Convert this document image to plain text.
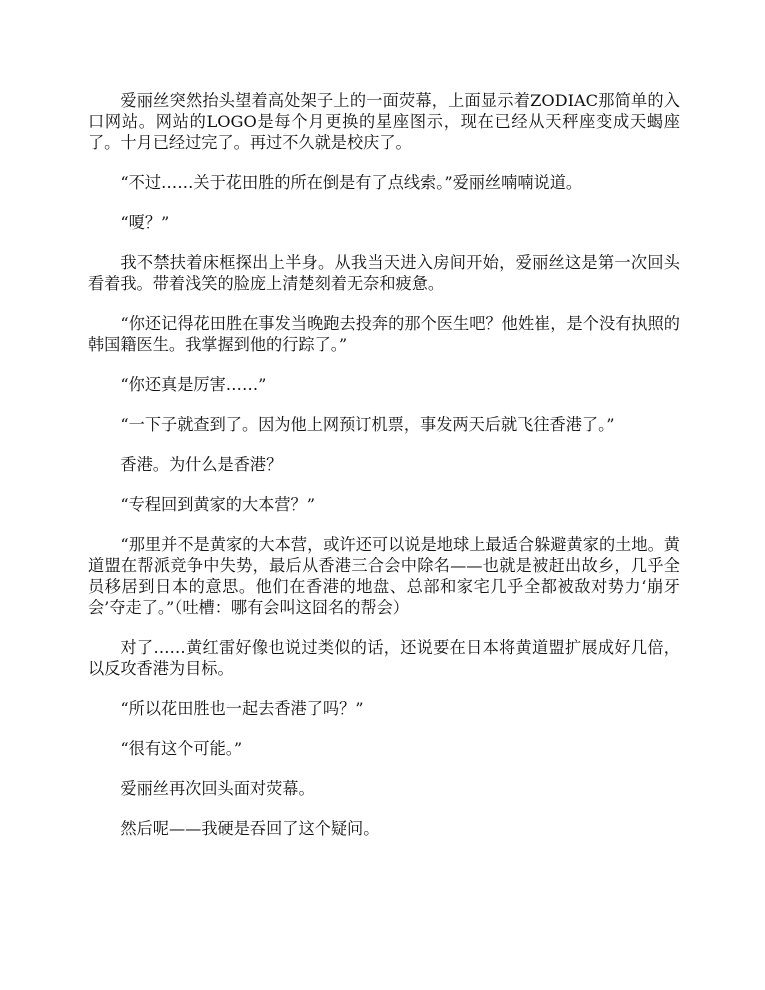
爱丽丝突然抬头望着高处架子上的一面荧幕，上面显示着ZODIAC那简单的入口网站。网站的LOGO是每个月更换的星座图示，现在已经从天秤座变成天蝎座了。十月已经过完了。再过不久就是校庆了。

“不过……关于花田胜的所在倒是有了点线索。”爱丽丝喃喃说道。

“嗄？”

我不禁扶着床框探出上半身。从我当天进入房间开始，爱丽丝这是第一次回头看着我。带着浅笑的脸庞上清楚刻着无奈和疲惫。

“你还记得花田胜在事发当晚跑去投奔的那个医生吧？他姓崔，是个没有执照的韩国籍医生。我掌握到他的行踪了。”

“你还真是厉害……”

“一下子就查到了。因为他上网预订机票，事发两天后就飞往香港了。”

香港。为什么是香港？

“专程回到黄家的大本营？”

“那里并不是黄家的大本营，或许还可以说是地球上最适合躲避黄家的土地。黄道盟在帮派竞争中失势，最后从香港三合会中除名——也就是被赶出故乡，几乎全员移居到日本的意思。他们在香港的地盘、总部和家宅几乎全都被敌对势力‘崩牙会’夺走了。”（吐槽：哪有会叫这囧名的帮会）

对了……黄红雷好像也说过类似的话，还说要在日本将黄道盟扩展成好几倍，以反攻香港为目标。

“所以花田胜也一起去香港了吗？”

“很有这个可能。”

爱丽丝再次回头面对荧幕。

然后呢——我硬是吞回了这个疑问。
